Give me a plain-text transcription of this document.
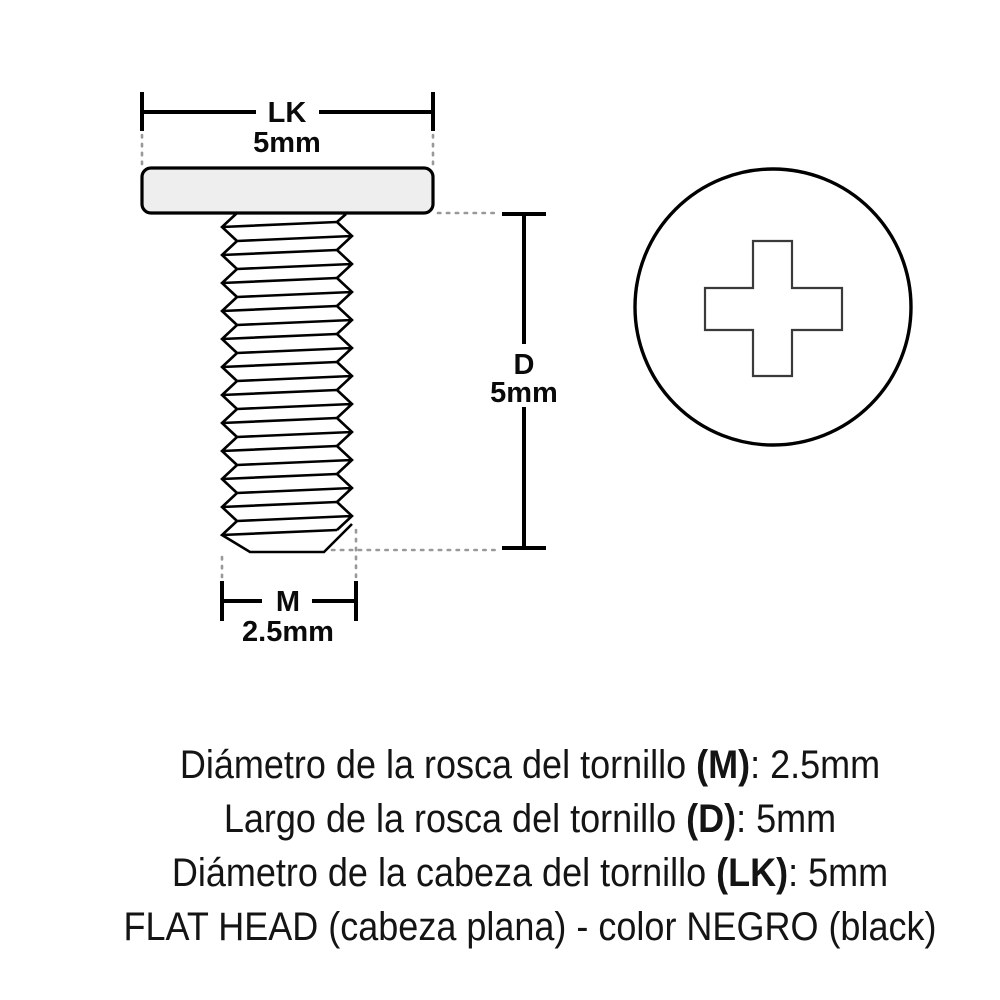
LK
5mm
D
5mm
M
2.5mm

Diámetro de la rosca del tornillo (M): 2.5mm

Largo de la rosca del tornillo (D): 5mm

Diámetro de la cabeza del tornillo (LK): 5mm

FLAT HEAD (cabeza plana) - color NEGRO (black)
